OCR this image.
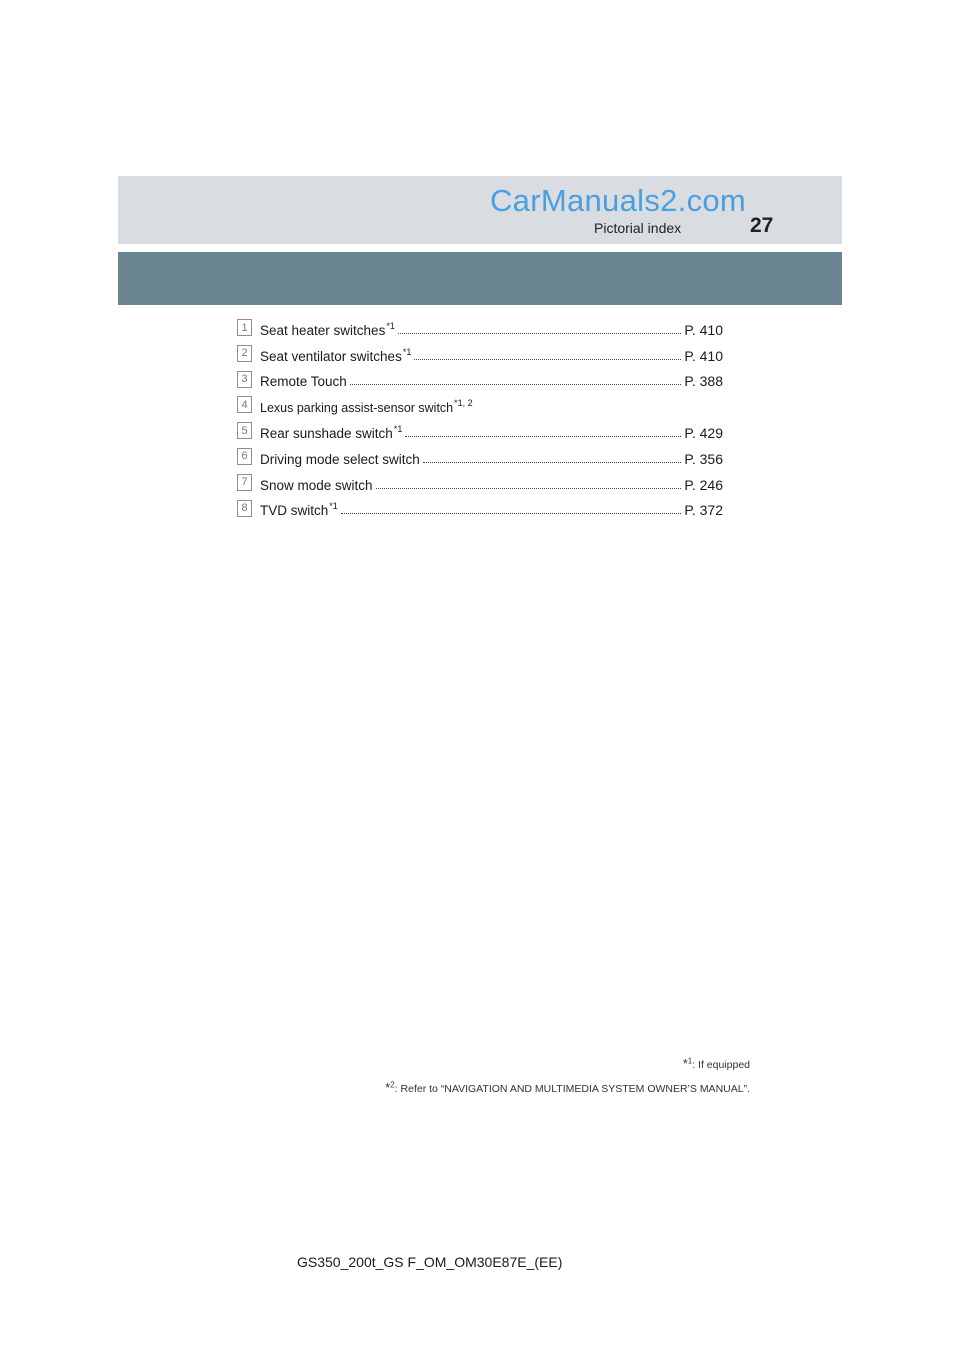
CarManuals2.com
Pictorial index	27
1 Seat heater switches$^{*1}$	P. 410
2 Seat ventilator switches$^{*1}$	P. 410
3 Remote Touch	P. 388
4 Lexus parking assist-sensor switch$^{*1, 2}$
5 Rear sunshade switch$^{*1}$	P. 429
6 Driving mode select switch	P. 356
7 Snow mode switch	P. 246
8 TVD switch$^{*1}$	P. 372
*$^1$: If equipped
*$^2$: Refer to “NAVIGATION AND MULTIMEDIA SYSTEM OWNER’S MANUAL”.
GS350_200t_GS F_OM_OM30E87E_(EE)
